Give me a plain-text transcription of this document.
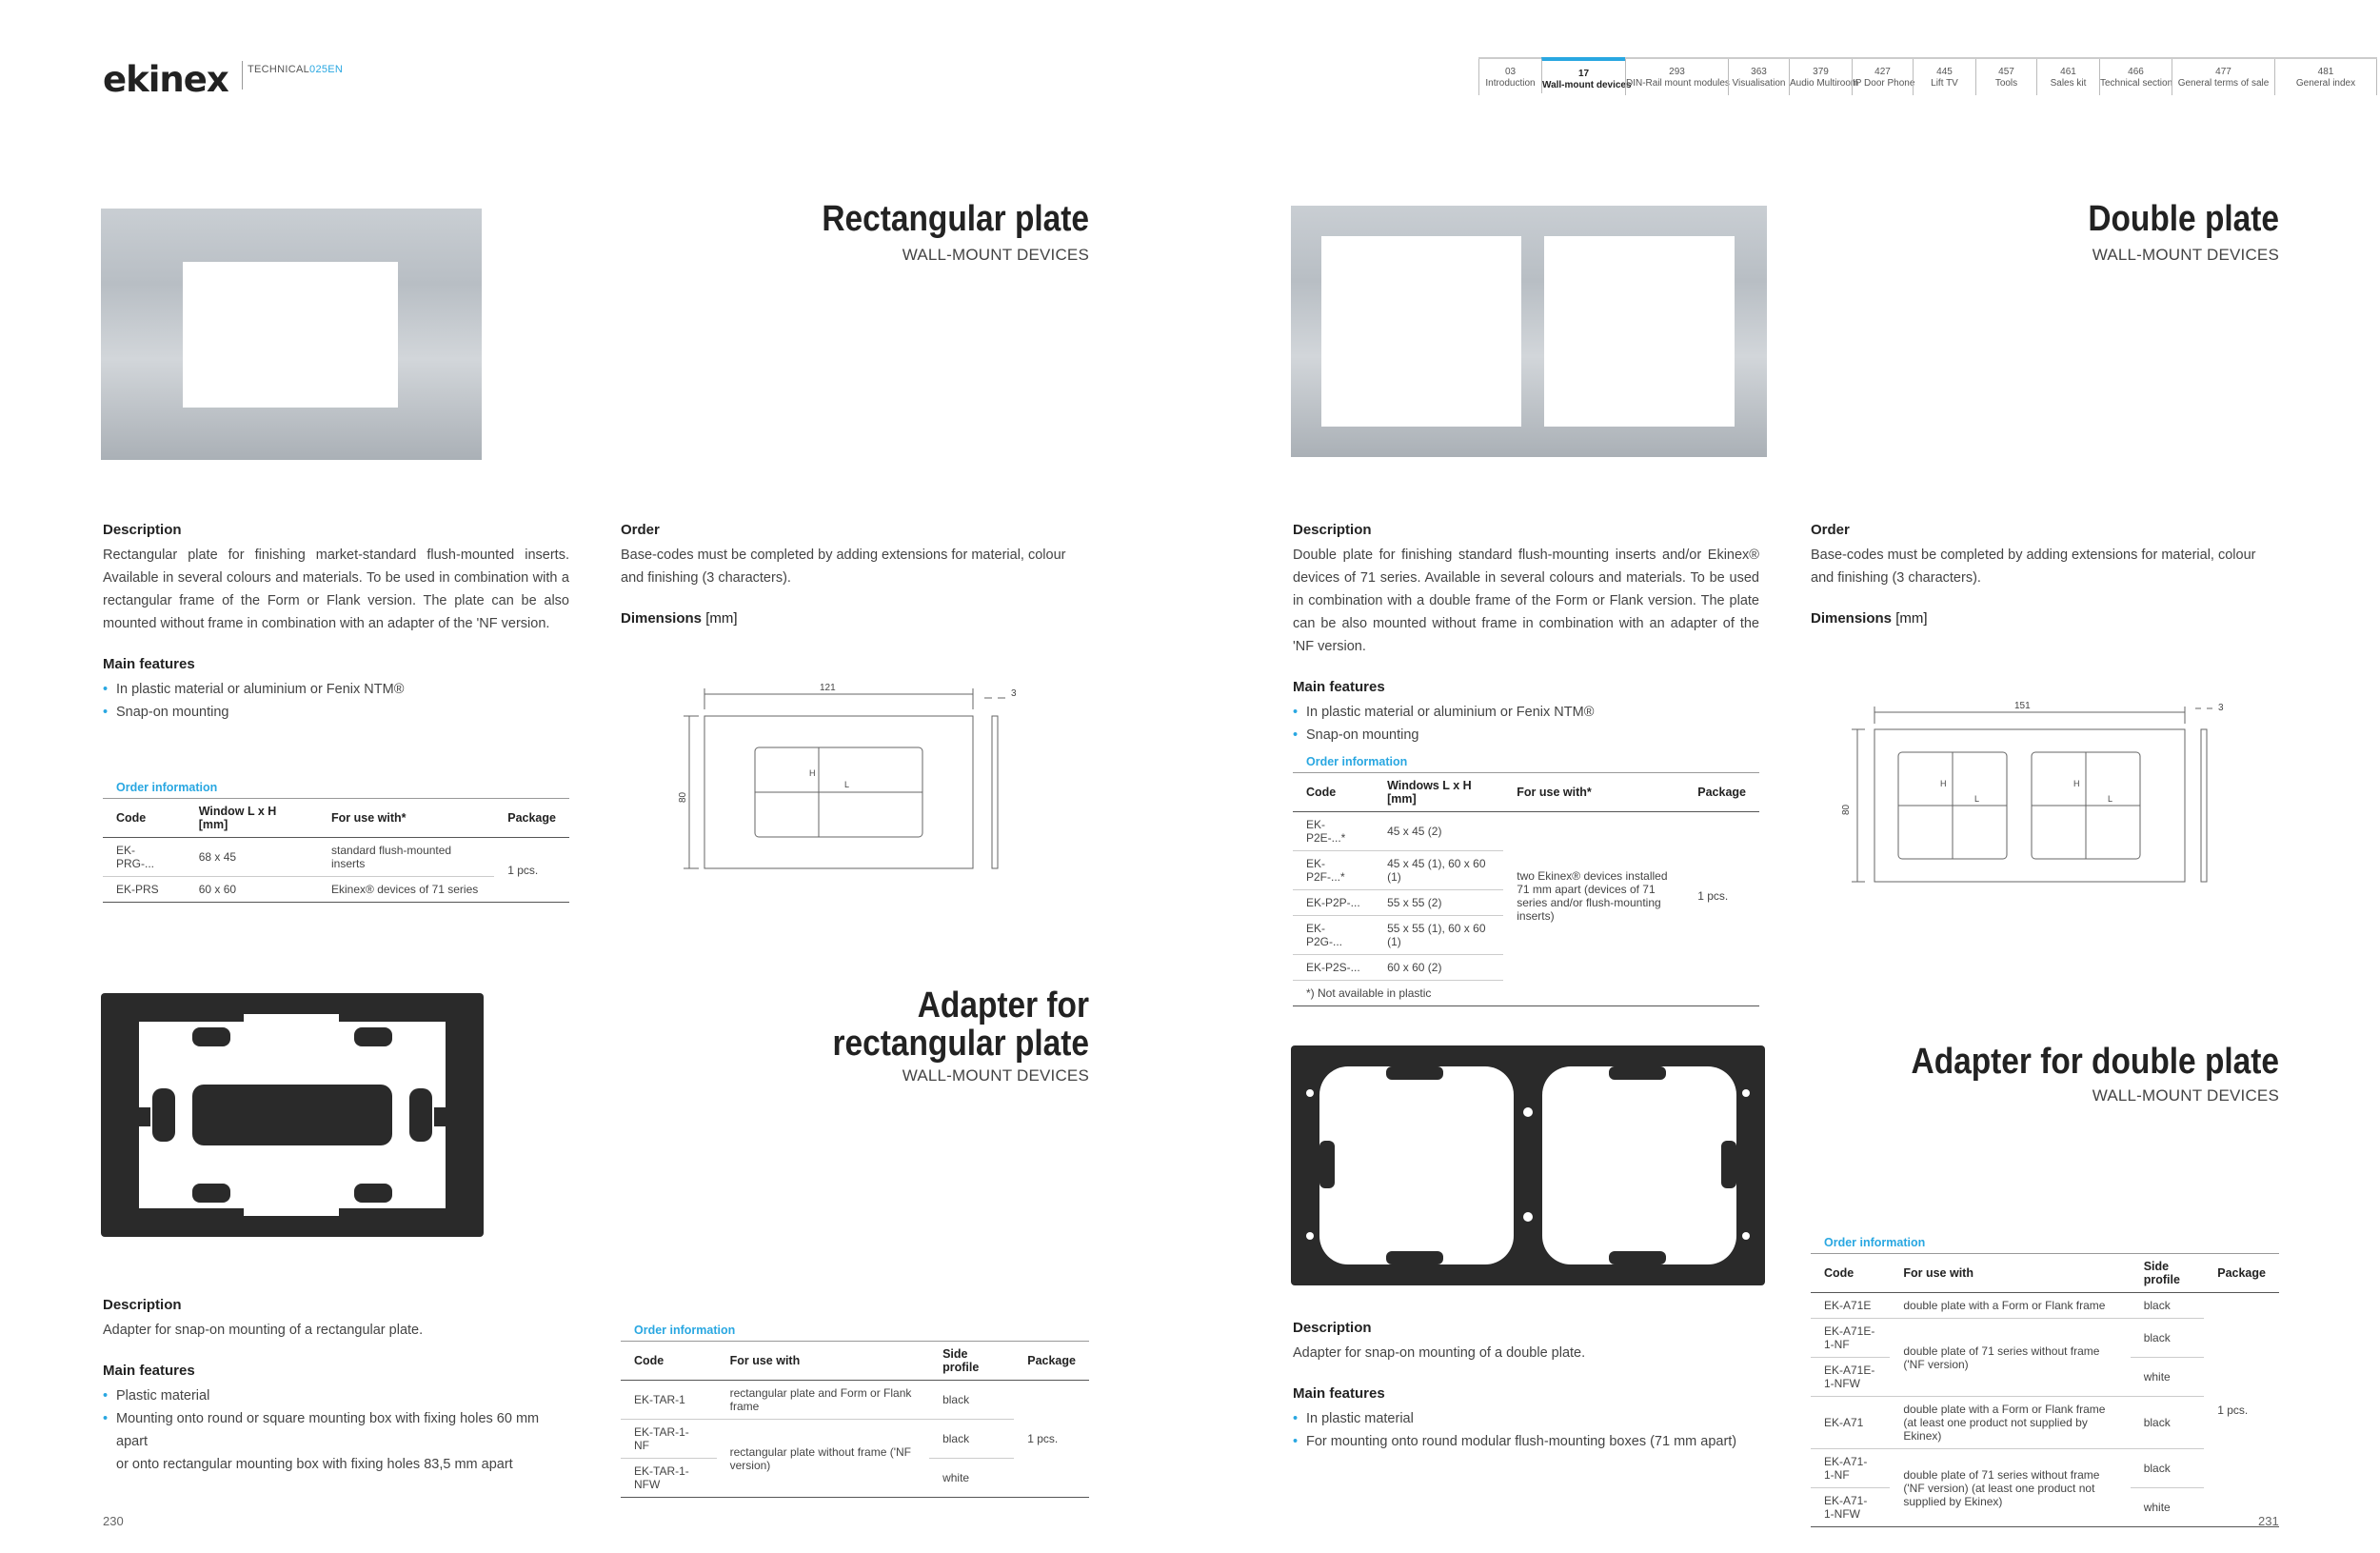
ekinex TECHNICAL025EN	03
Introduction
17
Wall-mount devices
293
DIN-Rail mount modules
363
Visualisation
379
Audio Multiroom
427
IP Door Phone
445
Lift TV
457
Tools
461
Sales kit
466
Technical section
477
General terms of sale
481
General index
Rectangular plate
WALL-MOUNT DEVICES
Description
Rectangular plate for finishing market-standard flush-mounted inserts. Available in several colours and materials. To be used in combination with a rectangular frame of the Form or Flank version. The plate can be also mounted without frame in combination with an adapter of the 'NF version.
Main features
• In plastic material or aluminium or Fenix NTM®
• Snap-on mounting
Order
Base-codes must be completed by adding extensions for material, colour and finishing (3 characters).
Dimensions [mm]
121
80
3
H
L
Order information
Code	Window L x H [mm]	For use with*	Package
EK-PRG-...	68 x 45	standard flush-mounted inserts	1 pcs.
EK-PRS	60 x 60	Ekinex® devices of 71 series	
Adapter for
rectangular plate
WALL-MOUNT DEVICES
Description
Adapter for snap-on mounting of a rectangular plate.
Main features
• Plastic material
• Mounting onto round or square mounting box with fixing holes 60 mm apart
or onto rectangular mounting box with fixing holes 83,5 mm apart
Order information
Code	For use with	Side profile	Package
EK-TAR-1	rectangular plate and Form or Flank frame	black	1 pcs.
EK-TAR-1-NF	rectangular plate without frame ('NF version)	black	
EK-TAR-1-NFW		white	
230
Double plate
WALL-MOUNT DEVICES
Description
Double plate for finishing standard flush-mounting inserts and/or Ekinex® devices of 71 series. Available in several colours and materials. To be used in combination with a double frame of the Form or Flank version. The plate can be also mounted without frame in combination with an adapter of the 'NF version.
Main features
• In plastic material or aluminium or Fenix NTM®
• Snap-on mounting
Order
Base-codes must be completed by adding extensions for material, colour and finishing (3 characters).
Dimensions [mm]
151
80
3
H
L
H
L
Order information
Code	Windows L x H [mm]	For use with*	Package
EK-P2E-...*	45 x 45 (2)	two Ekinex® devices installed 71 mm apart (devices of 71 series and/or flush-mounting inserts)	1 pcs.
EK-P2F-...*	45 x 45 (1), 60 x 60 (1)		
EK-P2P-...	55 x 55 (2)		
EK-P2G-...	55 x 55 (1), 60 x 60 (1)		
EK-P2S-...	60 x 60 (2)		
*) Not available in plastic			
Adapter for double plate
WALL-MOUNT DEVICES
Description
Adapter for snap-on mounting of a double plate.
Main features
• In plastic material
• For mounting onto round modular flush-mounting boxes (71 mm apart)
Order information
Code	For use with	Side profile	Package
EK-A71E	double plate with a Form or Flank frame	black	1 pcs.
EK-A71E-1-NF	double plate of 71 series without frame ('NF version)	black	
EK-A71E-1-NFW		white	
EK-A71	double plate with a Form or Flank frame (at least one product not supplied by Ekinex)	black	
EK-A71-1-NF	double plate of 71 series without frame ('NF version) (at least one product not supplied by Ekinex)	black	
EK-A71-1-NFW		white	
231
